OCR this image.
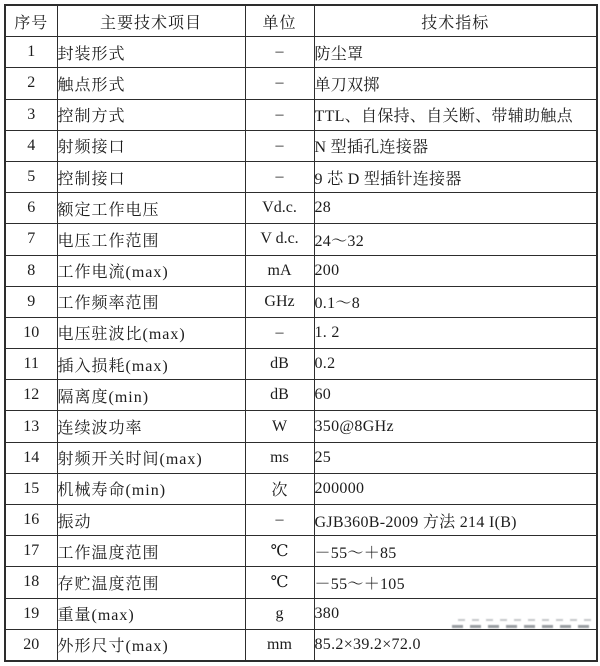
序号	主要技术项目	单位	技术指标
1	封装形式	–	防尘罩
2	触点形式	–	单刀双掷
3	控制方式	–	TTL、自保持、自关断、带辅助触点
4	射频接口	–	N 型插孔连接器
5	控制接口	–	9 芯 D 型插针连接器
6	额定工作电压	Vd.c.	28
7	电压工作范围	V d.c.	24～32
8	工作电流(max)	mA	200
9	工作频率范围	GHz	0.1～8
10	电压驻波比(max)	–	1. 2
11	插入损耗(max)	dB	0.2
12	隔离度(min)	dB	60
13	连续波功率	W	350@8GHz
14	射频开关时间(max)	ms	25
15	机械寿命(min)	次	200000
16	振动	–	GJB360B-2009 方法 214 I(B)
17	工作温度范围	℃	－55～＋85
18	存贮温度范围	℃	－55～＋105
19	重量(max)	g	380
20	外形尺寸(max)	mm	85.2×39.2×72.0
